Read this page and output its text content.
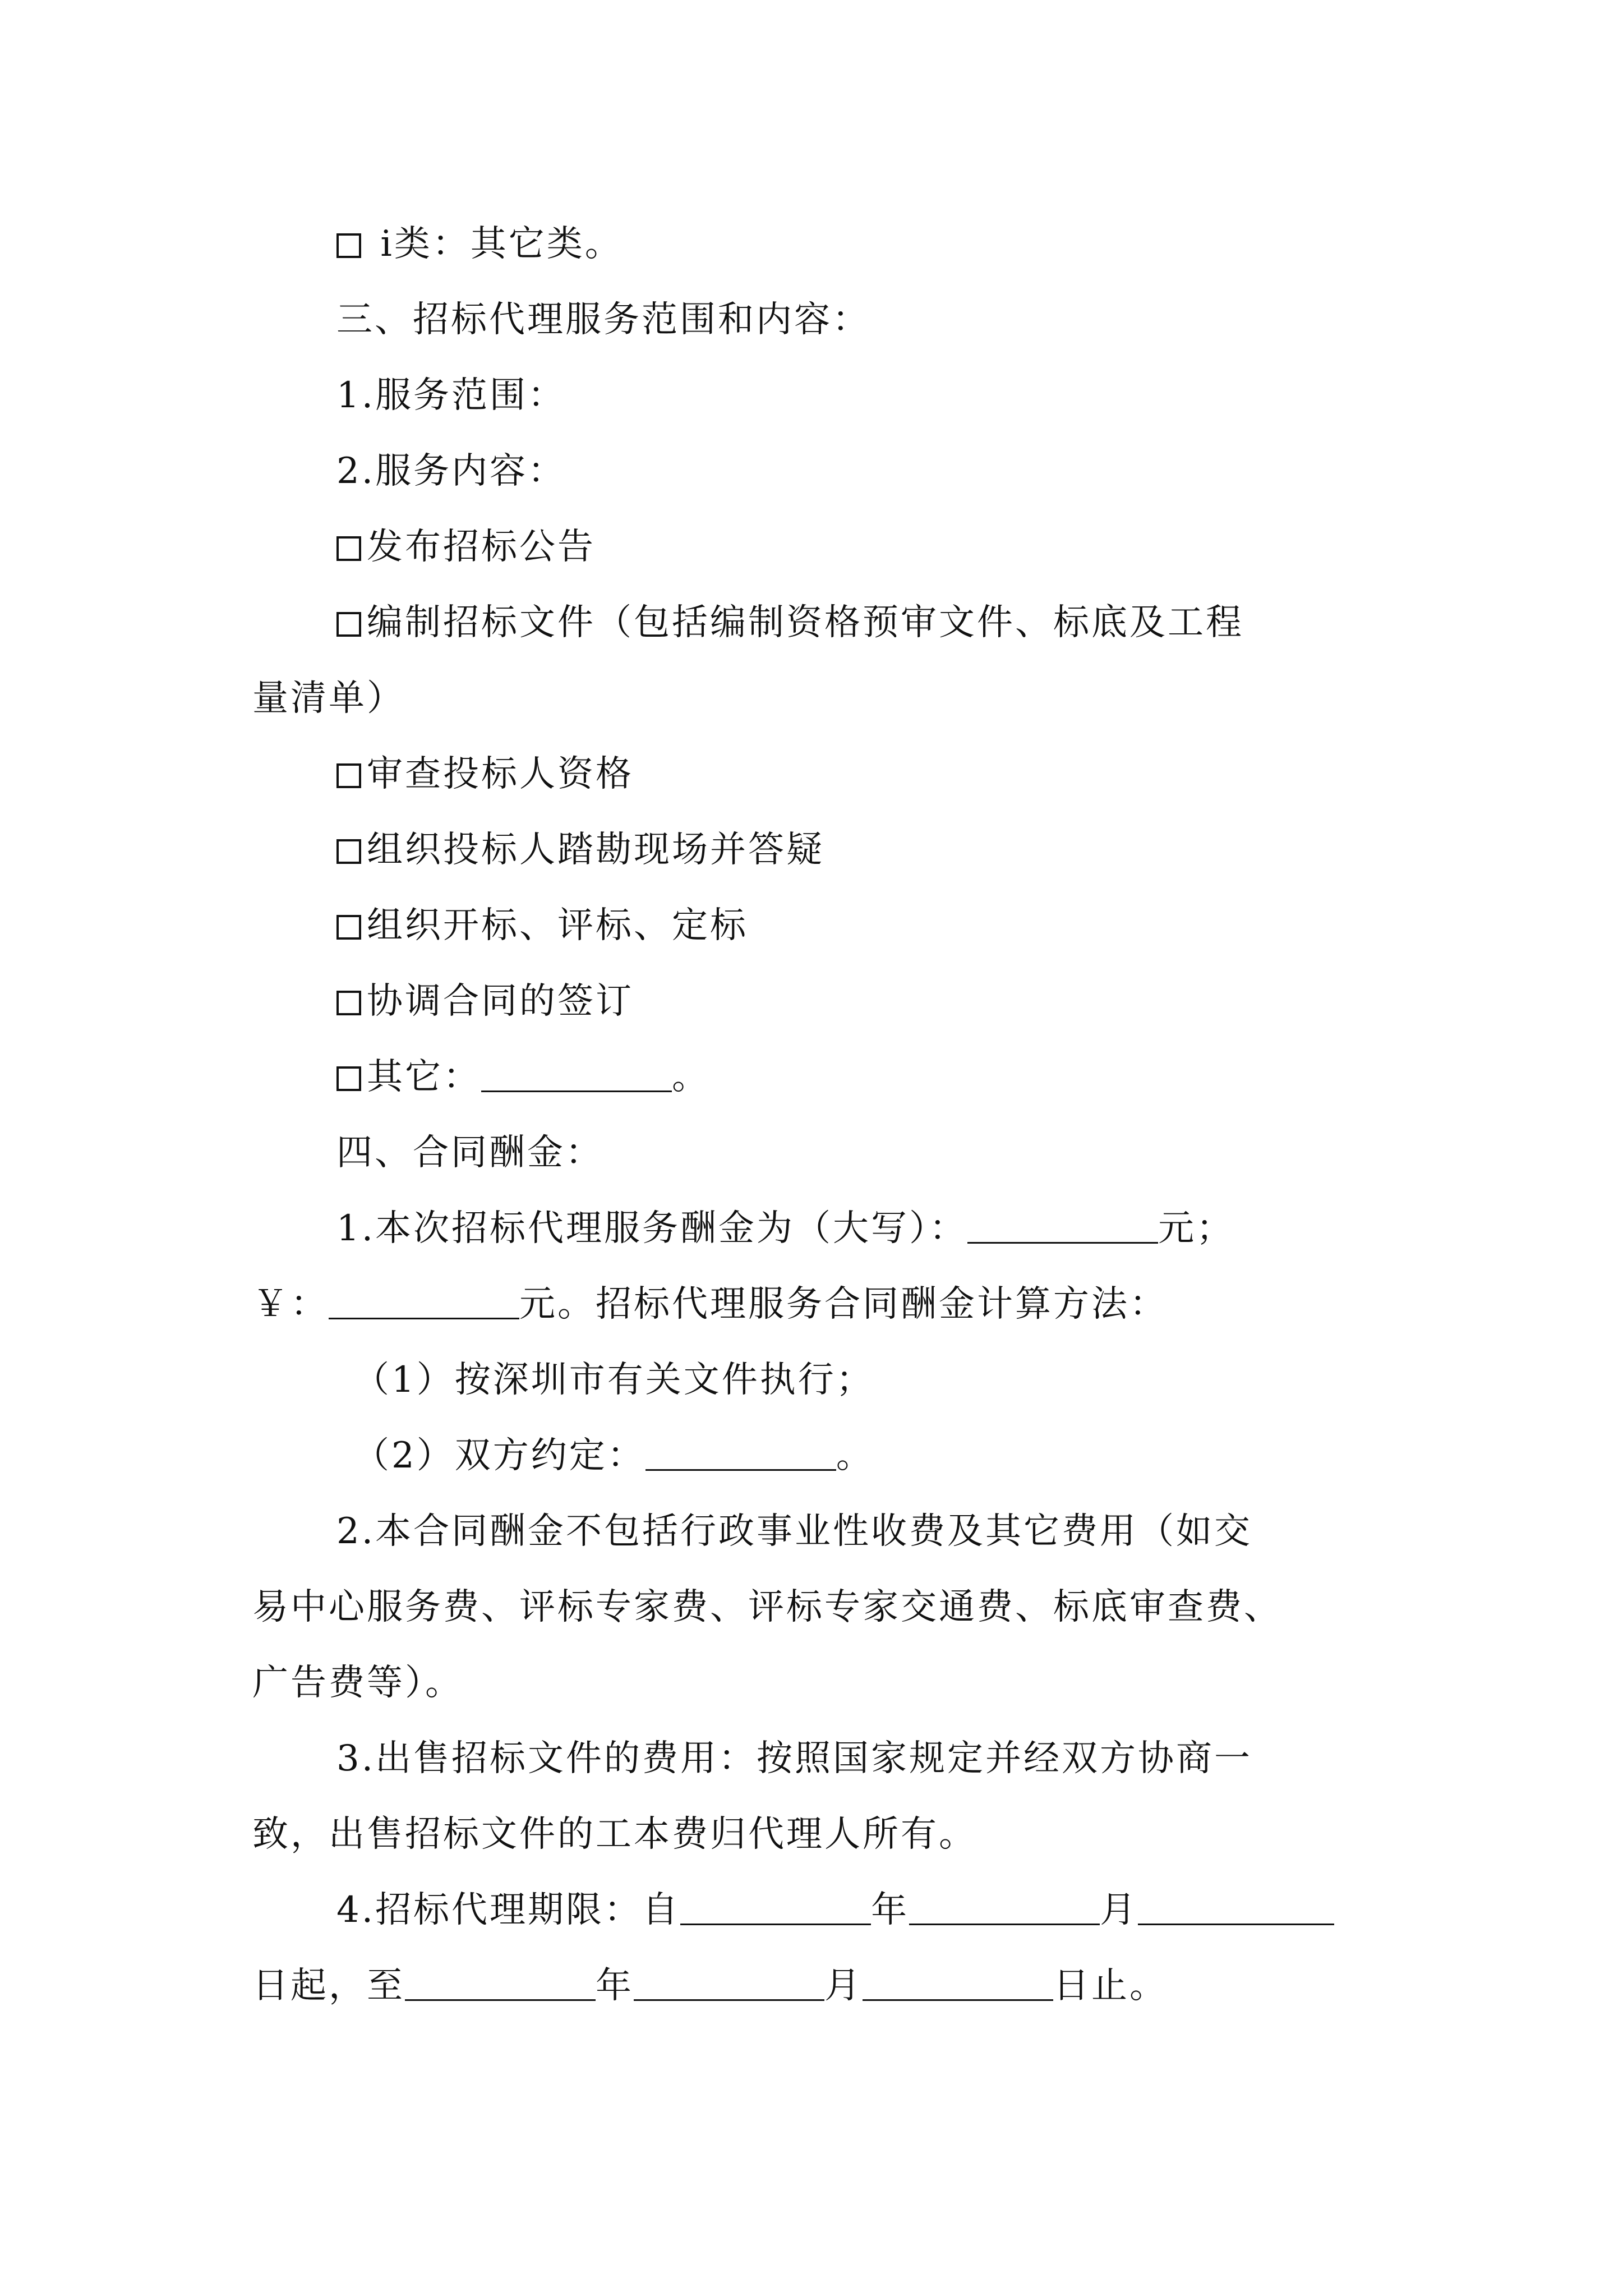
i类：其它类。
三、招标代理服务范围和内容：
1.服务范围：
2.服务内容：
发布招标公告
编制招标文件（包括编制资格预审文件、标底及工程
量清单）
审查投标人资格
组织投标人踏勘现场并答疑
组织开标、评标、定标
协调合同的签订
其它：	。
四、合同酬金：
1.本次招标代理服务酬金为（大写）：	元；
￥：	元。招标代理服务合同酬金计算方法：
（1）按深圳市有关文件执行；
（2）双方约定：	。
2.本合同酬金不包括行政事业性收费及其它费用（如交
易中心服务费、评标专家费、评标专家交通费、标底审查费、
广告费等）。
3.出售招标文件的费用：按照国家规定并经双方协商一
致，出售招标文件的工本费归代理人所有。
4.招标代理期限：自	年	月
日起，至	年	月	日止。
